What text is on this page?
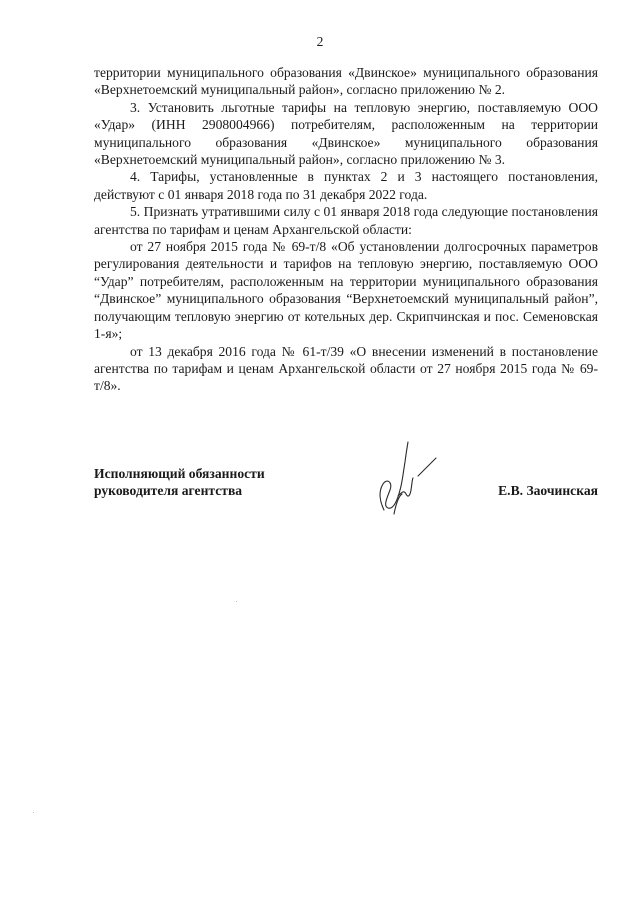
2

территории муниципального образования «Двинское» муниципального образования «Верхнетоемский муниципальный район», согласно приложению № 2.

3. Установить льготные тарифы на тепловую энергию, поставляемую ООО «Удар» (ИНН 2908004966) потребителям, расположенным на территории муниципального образования «Двинское» муниципального образования «Верхнетоемский муниципальный район», согласно приложению № 3.

4. Тарифы, установленные в пунктах 2 и 3 настоящего постановления, действуют с 01 января 2018 года по 31 декабря 2022 года.

5. Признать утратившими силу с 01 января 2018 года следующие постановления агентства по тарифам и ценам Архангельской области:

от 27 ноября 2015 года № 69-т/8 «Об установлении долгосрочных параметров регулирования деятельности и тарифов на тепловую энергию, поставляемую ООО “Удар” потребителям, расположенным на территории муниципального образования “Двинское” муниципального образования “Верхнетоемский муниципальный район”, получающим тепловую энергию от котельных дер. Скрипчинская и пос. Семеновская 1-я»;

от 13 декабря 2016 года № 61-т/39 «О внесении изменений в постановление агентства по тарифам и ценам Архангельской области от 27 ноября 2015 года № 69-т/8».

Исполняющий обязанности

руководителя агентства	Е.В. Заочинская
